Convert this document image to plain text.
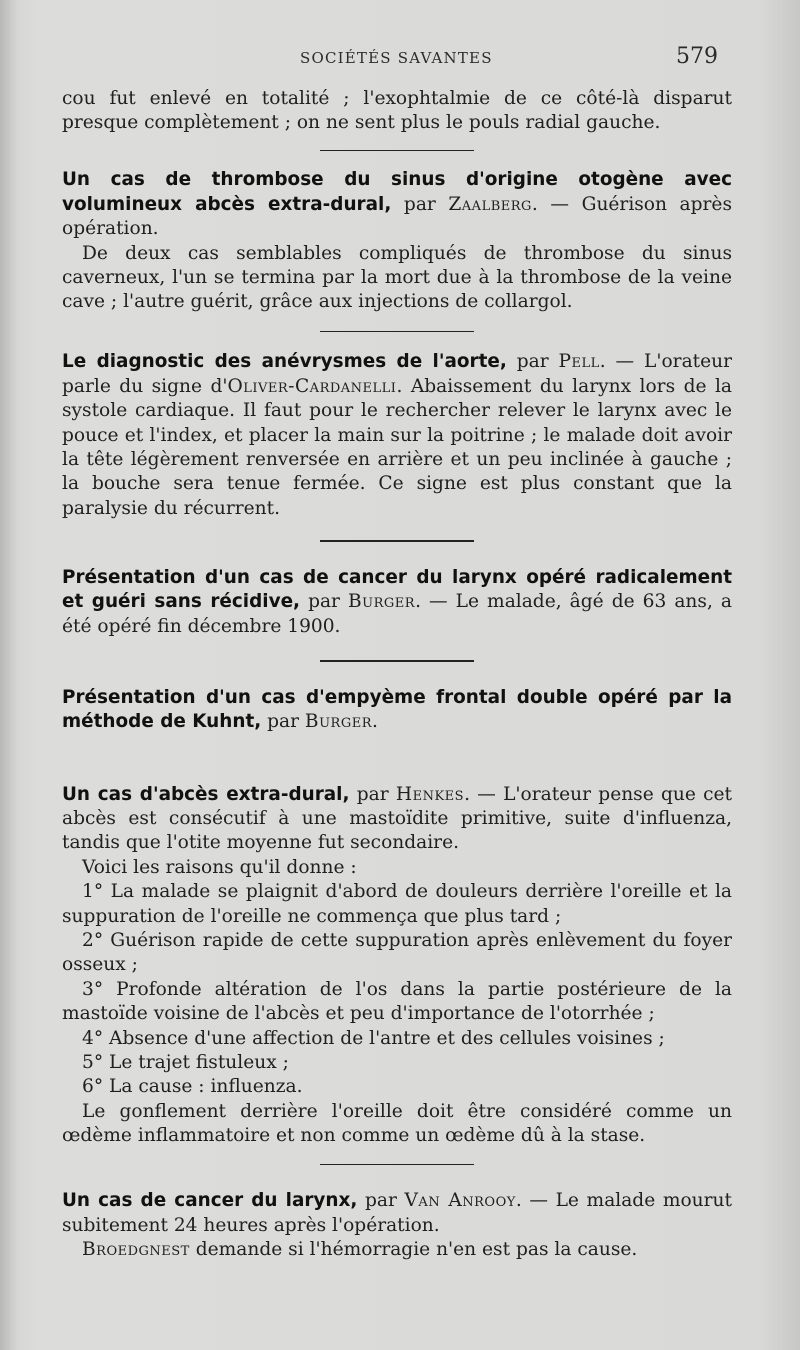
SOCIÉTÉS SAVANTES	579

cou fut enlevé en totalité ; l'exophtalmie de ce côté-là disparut presque complètement ; on ne sent plus le pouls radial gauche.

Un cas de thrombose du sinus d'origine otogène avec volumineux abcès extra-dural, par Zaalberg. — Guérison après opération.

De deux cas semblables compliqués de thrombose du sinus caverneux, l'un se termina par la mort due à la thrombose de la veine cave ; l'autre guérit, grâce aux injections de collargol.

Le diagnostic des anévrysmes de l'aorte, par Pell. — L'orateur parle du signe d'Oliver-Cardanelli. Abaissement du larynx lors de la systole cardiaque. Il faut pour le rechercher relever le larynx avec le pouce et l'index, et placer la main sur la poitrine ; le malade doit avoir la tête légèrement renversée en arrière et un peu inclinée à gauche ; la bouche sera tenue fermée. Ce signe est plus constant que la paralysie du récurrent.

Présentation d'un cas de cancer du larynx opéré radicalement et guéri sans récidive, par Burger. — Le malade, âgé de 63 ans, a été opéré fin décembre 1900.

Présentation d'un cas d'empyème frontal double opéré par la méthode de Kuhnt, par Burger.

Un cas d'abcès extra-dural, par Henkes. — L'orateur pense que cet abcès est consécutif à une mastoïdite primitive, suite d'influenza, tandis que l'otite moyenne fut secondaire.

Voici les raisons qu'il donne :

1° La malade se plaignit d'abord de douleurs derrière l'oreille et la suppuration de l'oreille ne commença que plus tard ;

2° Guérison rapide de cette suppuration après enlèvement du foyer osseux ;

3° Profonde altération de l'os dans la partie postérieure de la mastoïde voisine de l'abcès et peu d'importance de l'otorrhée ;

4° Absence d'une affection de l'antre et des cellules voisines ;

5° Le trajet fistuleux ;

6° La cause : influenza.

Le gonflement derrière l'oreille doit être considéré comme un œdème inflammatoire et non comme un œdème dû à la stase.

Un cas de cancer du larynx, par Van Anrooy. — Le malade mourut subitement 24 heures après l'opération.

Broedgnest demande si l'hémorragie n'en est pas la cause.
